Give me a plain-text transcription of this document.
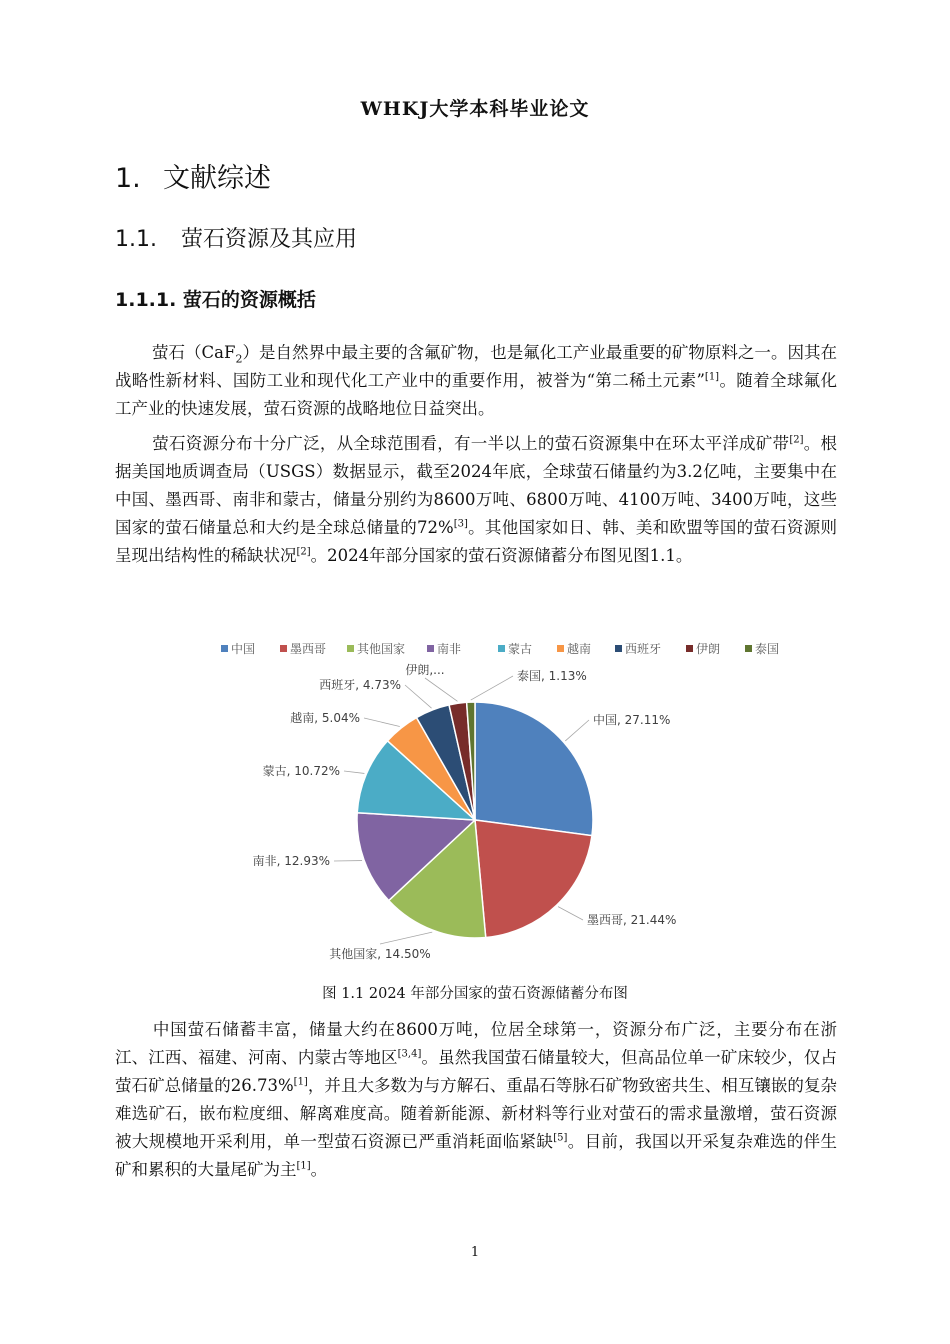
WHKJ大学本科毕业论文
1. 文献综述
1.1. 萤石资源及其应用
1.1.1. 萤石的资源概括

萤石（CaF$_2$）是自然界中最主要的含氟矿物，也是氟化工产业最重要的矿物原料之一。因其在战略性新材料、国防工业和现代化工产业中的重要作用，被誉为“第二稀土元素”[1]。随着全球氟化工产业的快速发展，萤石资源的战略地位日益突出。

萤石资源分布十分广泛，从全球范围看，有一半以上的萤石资源集中在环太平洋成矿带[2]。根据美国地质调查局（USGS）数据显示，截至2024年底，全球萤石储量约为3.2亿吨，主要集中在中国、墨西哥、南非和蒙古，储量分别约为8600万吨、6800万吨、4100万吨、3400万吨，这些国家的萤石储量总和大约是全球总储量的72%[3]。其他国家如日、韩、美和欧盟等国的萤石资源则呈现出结构性的稀缺状况[2]。2024年部分国家的萤石资源储蓄分布图见图1.1。

中国	墨西哥	其他国家	南非	蒙古	越南	西班牙	伊朗	泰国
中国, 27.11%
墨西哥, 21.44%
其他国家, 14.50%
南非, 12.93%
蒙古, 10.72%
越南, 5.04%
西班牙, 4.73%
伊朗,...	泰国, 1.13%
图 1.1 2024 年部分国家的萤石资源储蓄分布图

中国萤石储蓄丰富，储量大约在8600万吨，位居全球第一，资源分布广泛，主要分布在浙江、江西、福建、河南、内蒙古等地区[3,4]。虽然我国萤石储量较大，但高品位单一矿床较少，仅占萤石矿总储量的26.73%[1]，并且大多数为与方解石、重晶石等脉石矿物致密共生、相互镶嵌的复杂难选矿石，嵌布粒度细、解离难度高。随着新能源、新材料等行业对萤石的需求量激增，萤石资源被大规模地开采利用，单一型萤石资源已严重消耗面临紧缺[5]。目前，我国以开采复杂难选的伴生矿和累积的大量尾矿为主[1]。

1
